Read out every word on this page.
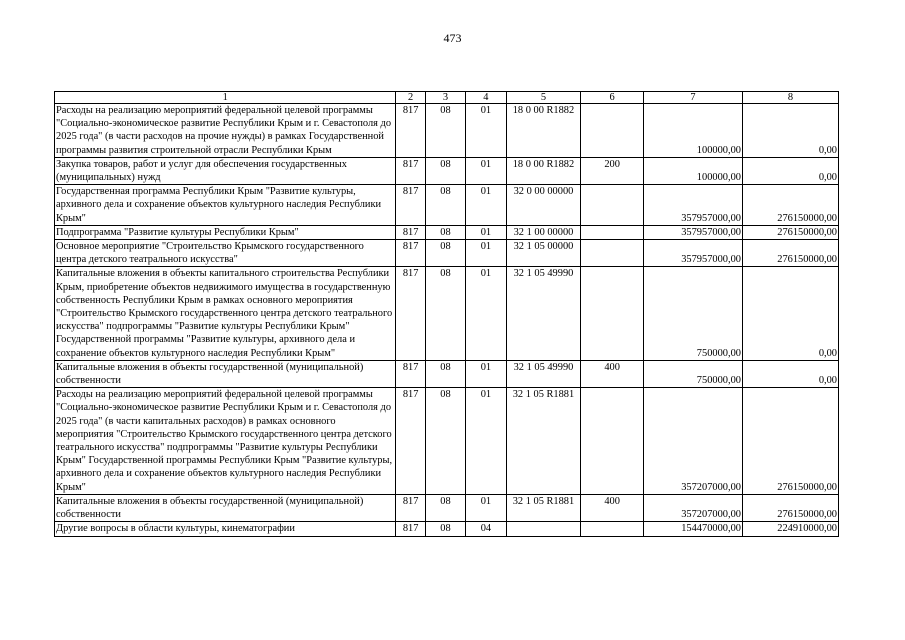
473
1	2	3	4	5	6	7	8
Расходы на реализацию мероприятий федеральной целевой программы "Социально-экономическое развитие Республики Крым и г. Севастополя до 2025 года" (в части расходов на прочие нужды) в рамках Государственной программы развития строительной отрасли Республики Крым	817	08	01	18 0 00 R1882		100000,00	0,00
Закупка товаров, работ и услуг для обеспечения государственных (муниципальных) нужд	817	08	01	18 0 00 R1882	200	100000,00	0,00
Государственная программа Республики Крым "Развитие культуры, архивного дела и сохранение объектов культурного наследия Республики Крым"	817	08	01	32 0 00 00000		357957000,00	276150000,00
Подпрограмма "Развитие культуры Республики Крым"	817	08	01	32 1 00 00000		357957000,00	276150000,00
Основное мероприятие "Строительство Крымского государственного центра детского театрального искусства"	817	08	01	32 1 05 00000		357957000,00	276150000,00
Капитальные вложения в объекты капитального строительства Республики Крым, приобретение объектов недвижимого имущества в государственную собственность Республики Крым в рамках основного мероприятия "Строительство Крымского государственного центра детского театрального искусства" подпрограммы "Развитие культуры Республики Крым" Государственной программы "Развитие культуры, архивного дела и сохранение объектов культурного наследия Республики Крым"	817	08	01	32 1 05 49990		750000,00	0,00
Капитальные вложения в объекты государственной (муниципальной) собственности	817	08	01	32 1 05 49990	400	750000,00	0,00
Расходы на реализацию мероприятий федеральной целевой программы "Социально-экономическое развитие Республики Крым и г. Севастополя до 2025 года" (в части капитальных расходов) в рамках основного мероприятия "Строительство Крымского государственного центра детского театрального искусства" подпрограммы "Развитие культуры Республики Крым" Государственной программы Республики Крым "Развитие культуры, архивного дела и сохранение объектов культурного наследия Республики Крым"	817	08	01	32 1 05 R1881		357207000,00	276150000,00
Капитальные вложения в объекты государственной (муниципальной) собственности	817	08	01	32 1 05 R1881	400	357207000,00	276150000,00
Другие вопросы в области культуры, кинематографии	817	08	04			154470000,00	224910000,00
